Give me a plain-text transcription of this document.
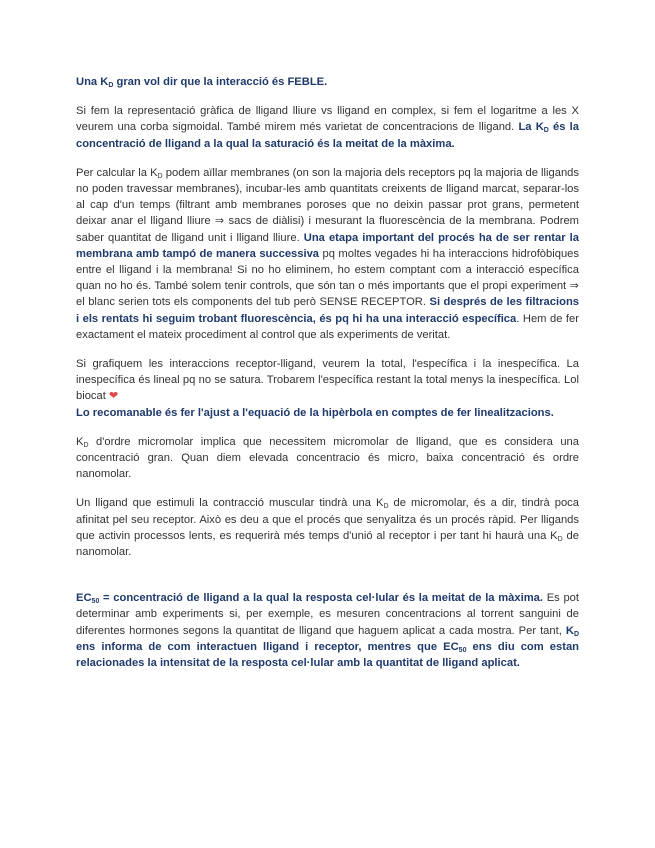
Una $K_D$ gran vol dir que la interacció és FEBLE.

Si fem la representació gràfica de lligand lliure vs lligand en complex, si fem el logaritme a les X veurem una corba sigmoidal. També mirem més varietat de concentracions de lligand. La $K_D$ és la concentració de lligand a la qual la saturació és la meitat de la màxima.

Per calcular la $K_D$ podem aïllar membranes (on son la majoria dels receptors pq la majoria de lligands no poden travessar membranes), incubar-les amb quantitats creixents de lligand marcat, separar-los al cap d'un temps (filtrant amb membranes poroses que no deixin passar prot grans, permetent deixar anar el lligand lliure ⇒ sacs de diàlisi) i mesurant la fluorescència de la membrana. Podrem saber quantitat de lligand unit i lligand lliure. Una etapa important del procés ha de ser rentar la membrana amb tampó de manera successiva pq moltes vegades hi ha interaccions hidrofòbiques entre el lligand i la membrana! Si no ho eliminem, ho estem comptant com a interacció específica quan no ho és. També solem tenir controls, que són tan o més importants que el propi experiment ⇒ el blanc serien tots els components del tub però SENSE RECEPTOR. Si després de les filtracions i els rentats hi seguim trobant fluorescència, és pq hi ha una interacció específica. Hem de fer exactament el mateix procediment al control que als experiments de veritat.

Si grafiquem les interaccions receptor-lligand, veurem la total, l'específica i la inespecífica. La inespecífica és lineal pq no se satura. Trobarem l'específica restant la total menys la inespecífica. Lol biocat ❤

Lo recomanable és fer l'ajust a l'equació de la hipèrbola en comptes de fer linealitzacions.

$K_D$ d'ordre micromolar implica que necessitem micromolar de lligand, que es considera una concentració gran. Quan diem elevada concentracio és micro, baixa concentració és ordre nanomolar.

Un lligand que estimuli la contracció muscular tindrà una $K_D$ de micromolar, és a dir, tindrà poca afinitat pel seu receptor. Això es deu a que el procés que senyalitza és un procés ràpid. Per lligands que activin processos lents, es requerirà més temps d'unió al receptor i per tant hi haurà una $K_D$ de nanomolar.

$EC_{50}$ = concentració de lligand a la qual la resposta cel·lular és la meitat de la màxima. Es pot determinar amb experiments si, per exemple, es mesuren concentracions al torrent sanguini de diferentes hormones segons la quantitat de lligand que haguem aplicat a cada mostra. Per tant, $K_D$ ens informa de com interactuen lligand i receptor, mentres que $EC_{50}$ ens diu com estan relacionades la intensitat de la resposta cel·lular amb la quantitat de lligand aplicat.
